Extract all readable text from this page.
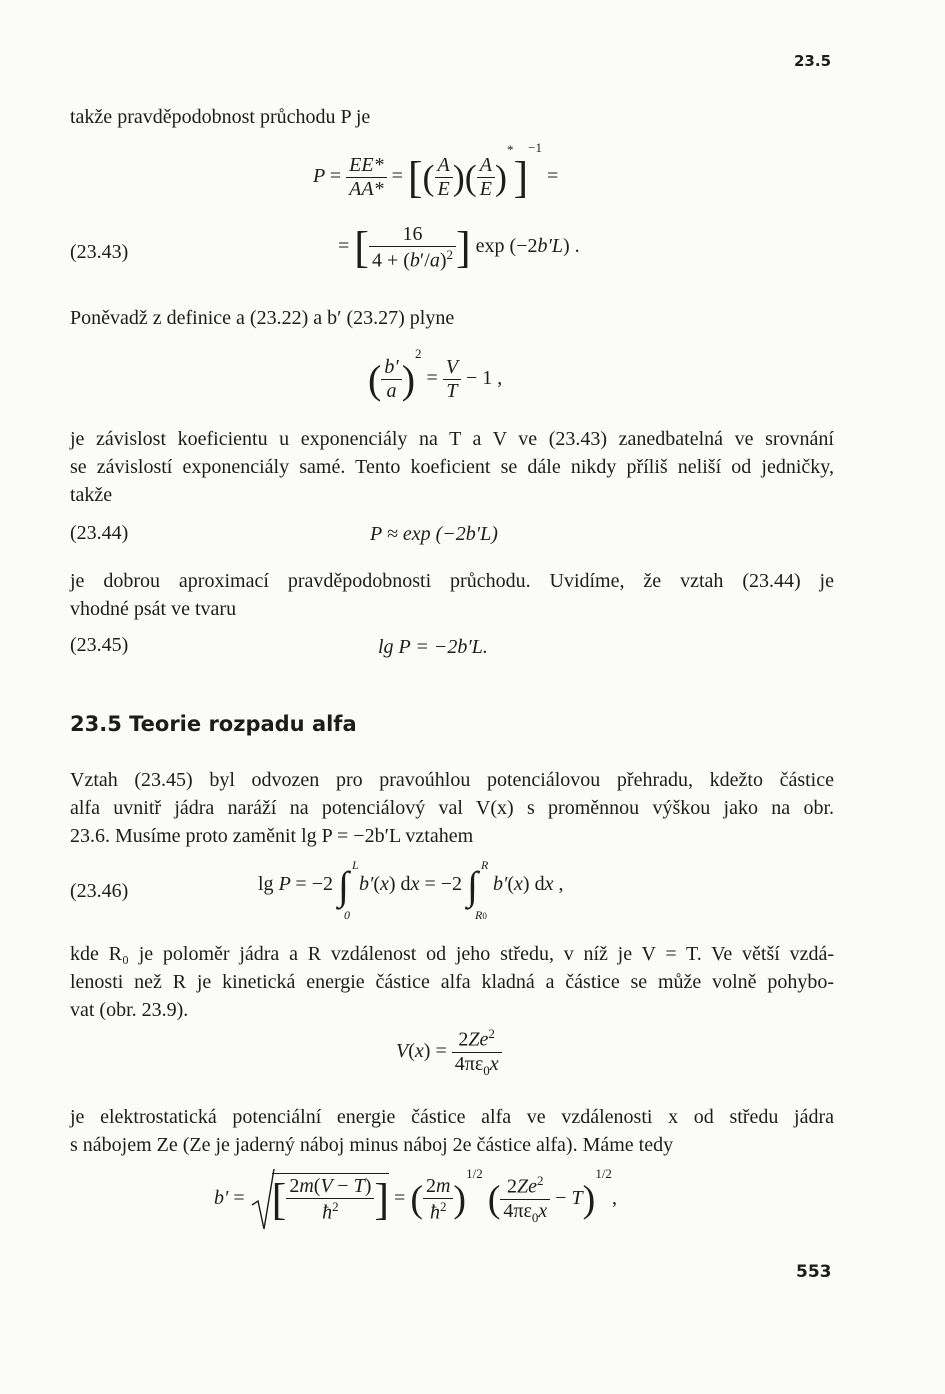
23.5
takže pravděpodobnost průchodu P je
$P = \frac{EE*}{AA*}$ = [( $\frac{A}{E}$ )( $\frac{A}{E} )^*]^{-1}$ =
(23.43)	= [ $\frac{16}{4 + (b'/a)^2}$ ] exp (−2b′L) .
Poněvadž z definice a (23.22) a b′ (23.27) plyne
( $\frac{b'}{a} )^2 = \frac{V}{T} - 1$ ,
je závislost koeficientu u exponenciály na T a V ve (23.43) zanedbatelná ve srovnání
se závislostí exponenciály samé. Tento koeficient se dále nikdy příliš neliší od jedničky,
takže
(23.44)	P ≈ exp (−2b′L)
je dobrou aproximací pravděpodobnosti průchodu. Uvidíme, že vztah (23.44) je
vhodné psát ve tvaru
(23.45)	lg P = −2b′L.
23.5 Teorie rozpadu alfa
Vztah (23.45) byl odvozen pro pravoúhlou potenciálovou přehradu, kdežto částice
alfa uvnitř jádra naráží na potenciálový val V(x) s proměnnou výškou jako na obr.
23.6. Musíme proto zaměnit lg P = −2b′L vztahem
(23.46)	lg P = −2 ∫ L
0
b′(x) dx = −2 ∫ R
R0
b′(x) dx ,
kde R₀ je poloměr jádra a R vzdálenost od jeho středu, v níž je V = T. Ve větší vzdá-
lenosti než R je kinetická energie částice alfa kladná a částice se může volně pohybo-
vat (obr. 23.9).
$V(x) = \frac{2Ze^2}{4\pi\varepsilon_0x}$
je elektrostatická potenciální energie částice alfa ve vzdálenosti x od středu jádra
s nábojem Ze (Ze je jaderný náboj minus náboj 2e částice alfa). Máme tedy
b′ = [ $\frac{2m(V - T)}{ħ^2}$ ] = ( $\frac{2m}{ħ^2} )^{1/2}$ ( $\frac{2Ze^2}{4\pi\varepsilon_0x} - T)^{1/2}$,
553
